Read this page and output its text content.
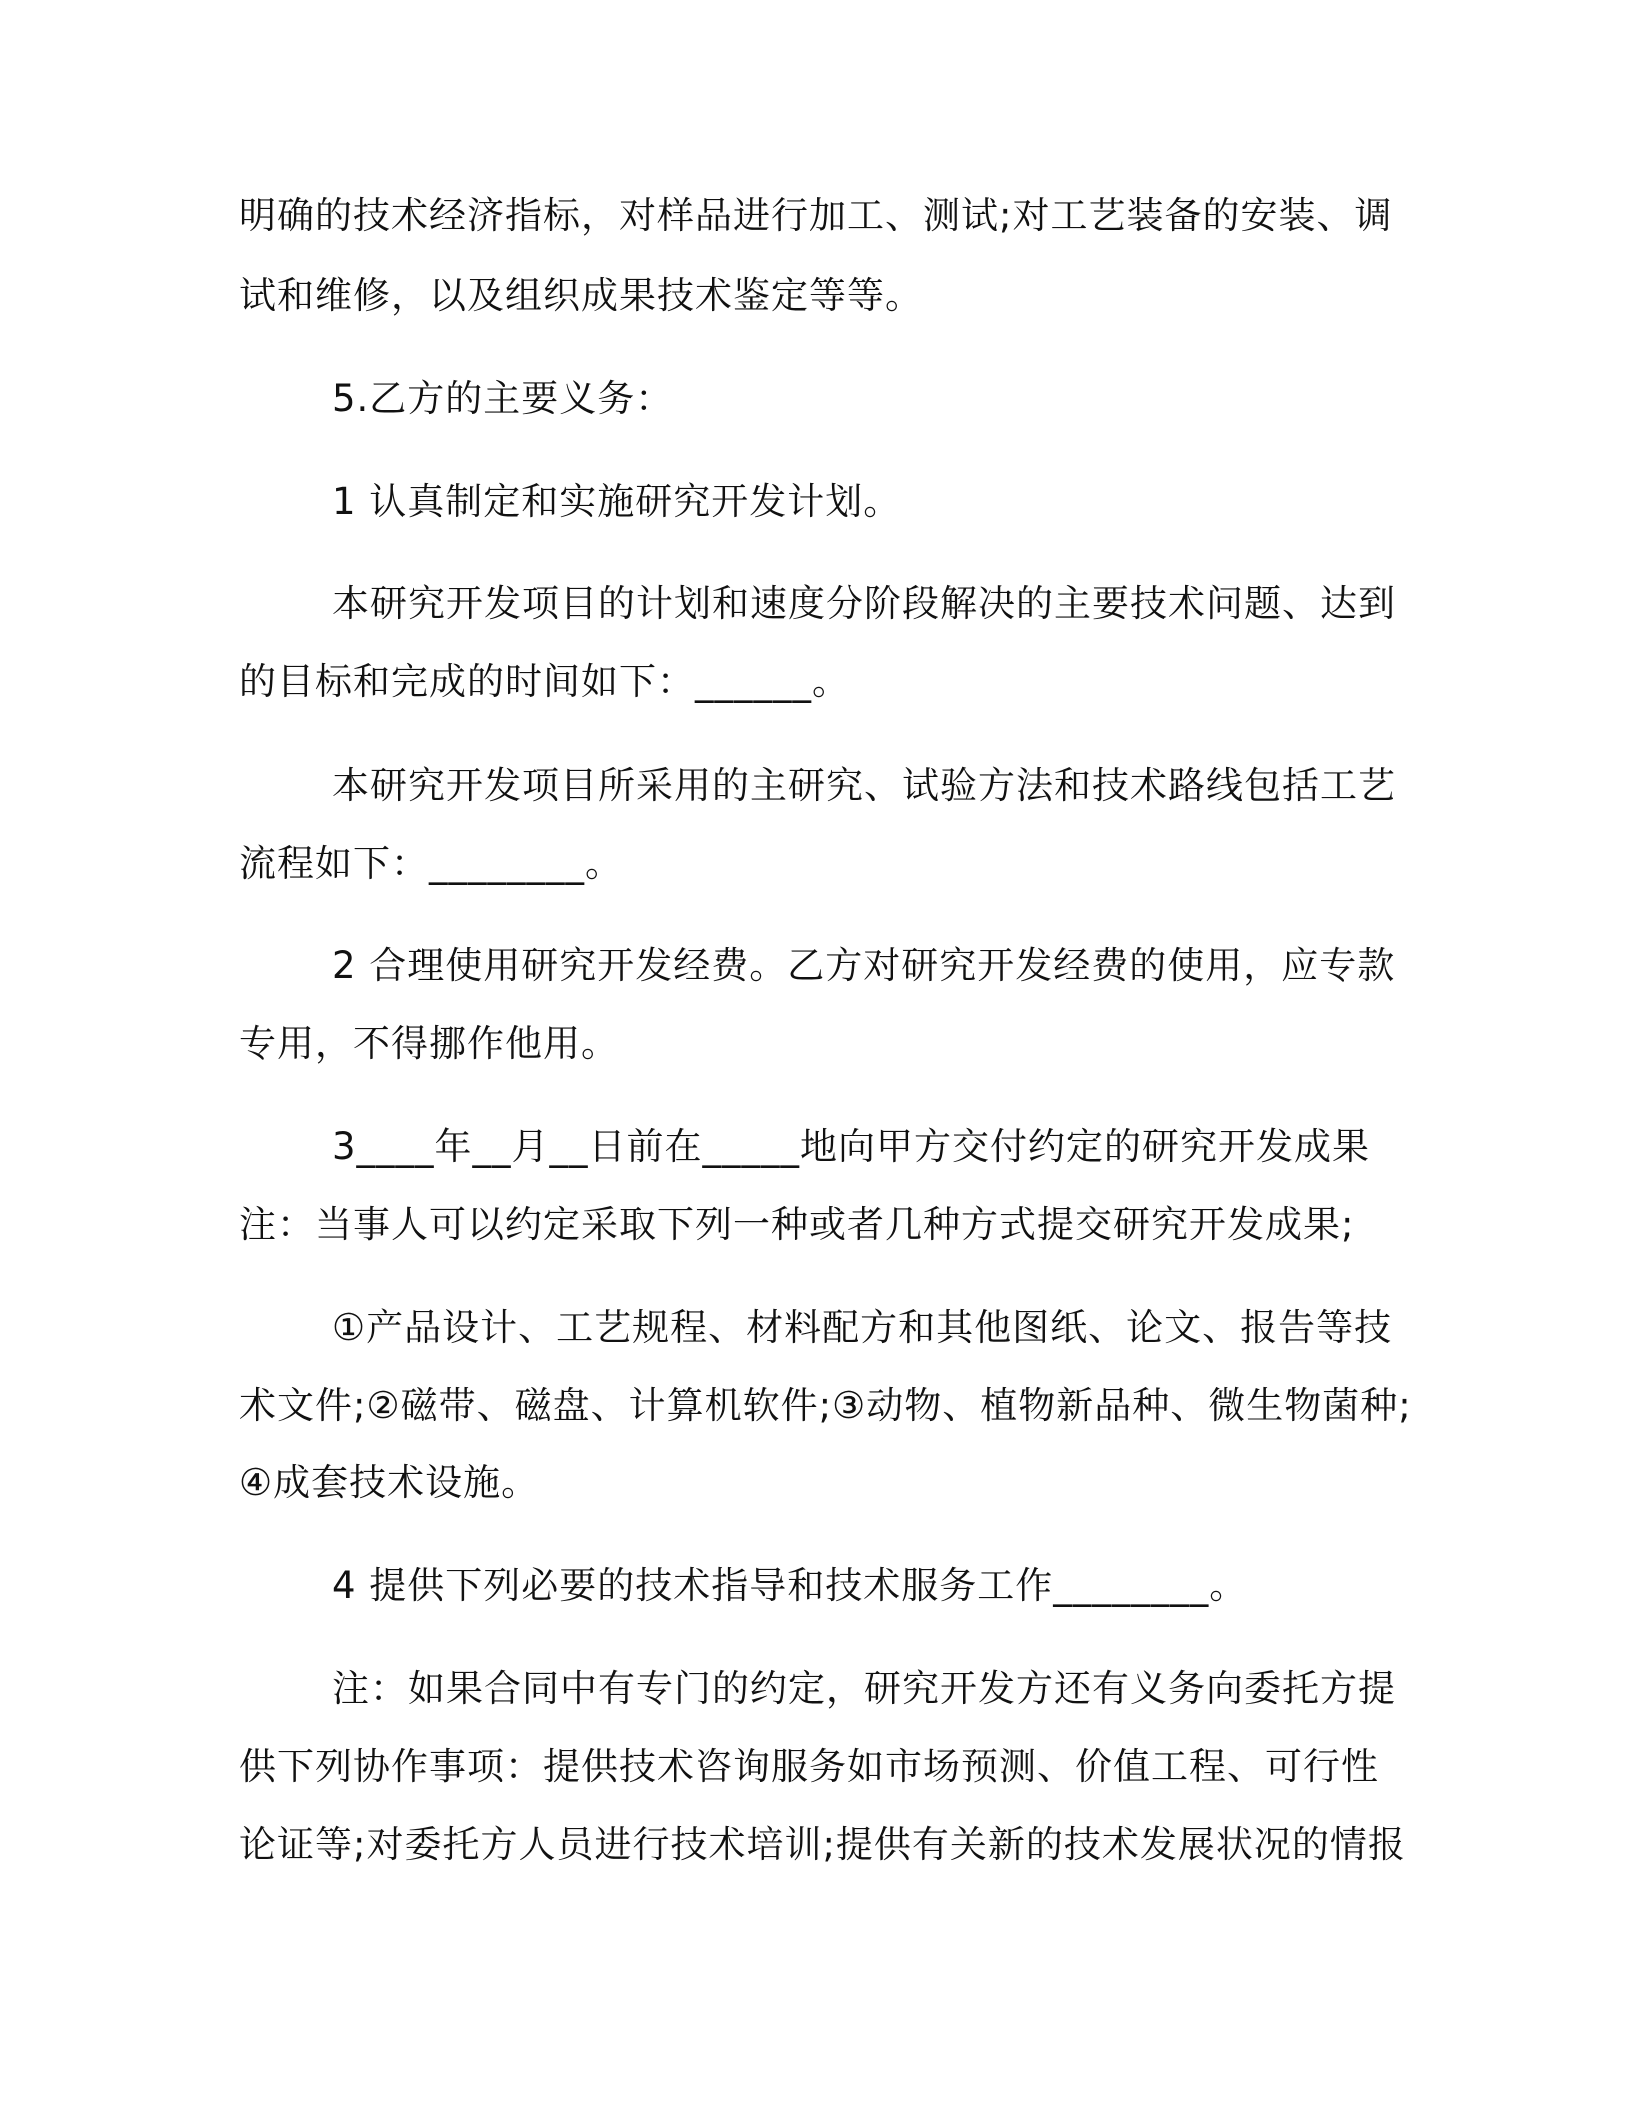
明确的技术经济指标，对样品进行加工、测试;对工艺装备的安装、调

试和维修，以及组织成果技术鉴定等等。

5.乙方的主要义务：

1 认真制定和实施研究开发计划。

本研究开发项目的计划和速度分阶段解决的主要技术问题、达到

的目标和完成的时间如下：______。

本研究开发项目所采用的主研究、试验方法和技术路线包括工艺

流程如下：________。

2 合理使用研究开发经费。乙方对研究开发经费的使用，应专款

专用，不得挪作他用。

3____年__月__日前在_____地向甲方交付约定的研究开发成果

注：当事人可以约定采取下列一种或者几种方式提交研究开发成果;

①产品设计、工艺规程、材料配方和其他图纸、论文、报告等技

术文件;②磁带、磁盘、计算机软件;③动物、植物新品种、微生物菌种;

④成套技术设施。

4 提供下列必要的技术指导和技术服务工作________。

注：如果合同中有专门的约定，研究开发方还有义务向委托方提

供下列协作事项：提供技术咨询服务如市场预测、价值工程、可行性

论证等;对委托方人员进行技术培训;提供有关新的技术发展状况的情报
